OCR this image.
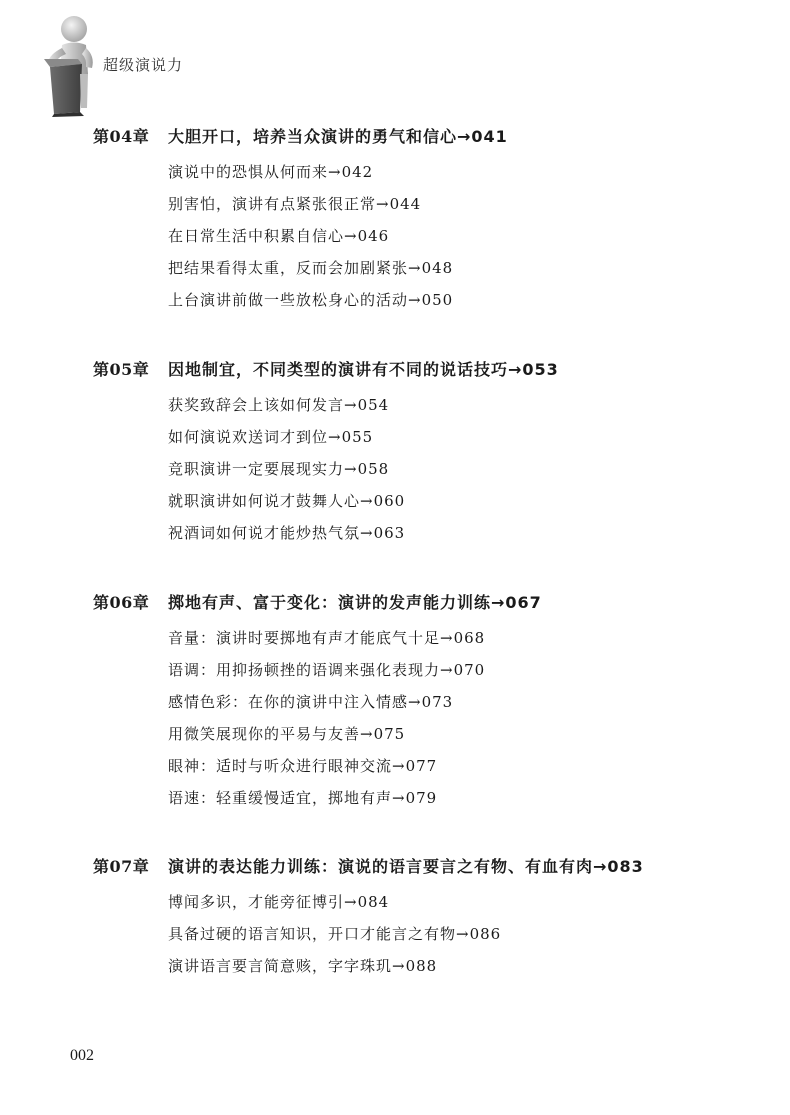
超级演说力
第04章	大胆开口，培养当众演讲的勇气和信心→041
演说中的恐惧从何而来→042
别害怕，演讲有点紧张很正常→044
在日常生活中积累自信心→046
把结果看得太重，反而会加剧紧张→048
上台演讲前做一些放松身心的活动→050
第05章	因地制宜，不同类型的演讲有不同的说话技巧→053
获奖致辞会上该如何发言→054
如何演说欢送词才到位→055
竞职演讲一定要展现实力→058
就职演讲如何说才鼓舞人心→060
祝酒词如何说才能炒热气氛→063
第06章	掷地有声、富于变化：演讲的发声能力训练→067
音量：演讲时要掷地有声才能底气十足→068
语调：用抑扬顿挫的语调来强化表现力→070
感情色彩：在你的演讲中注入情感→073
用微笑展现你的平易与友善→075
眼神：适时与听众进行眼神交流→077
语速：轻重缓慢适宜，掷地有声→079
第07章	演讲的表达能力训练：演说的语言要言之有物、有血有肉→083
博闻多识，才能旁征博引→084
具备过硬的语言知识，开口才能言之有物→086
演讲语言要言简意赅，字字珠玑→088
002
